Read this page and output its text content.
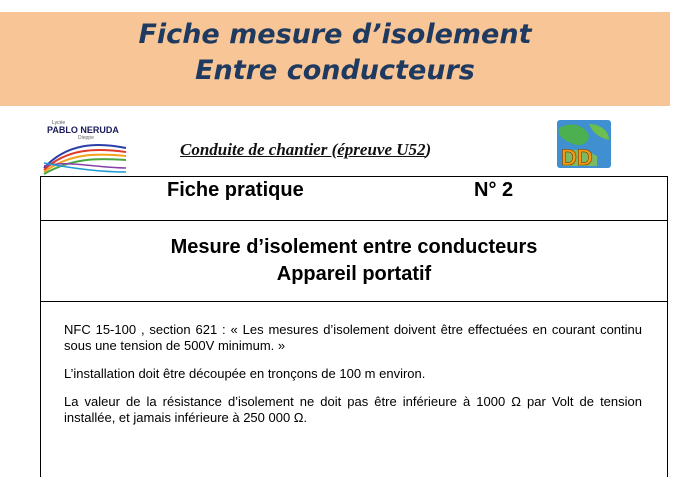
Fiche mesure d’isolement
Entre conducteurs
Lycée
PABLO NERUDA
Dieppe
Conduite de chantier (épreuve U52)	DD
Fiche pratique	N° 2
Mesure d’isolement entre conducteurs
Appareil portatif

NFC 15-100 , section 621 : « Les mesures d’isolement doivent être effectuées en courant continu sous une tension de 500V minimum. »

L’installation doit être découpée en tronçons de 100 m environ.

La valeur de la résistance d’isolement ne doit pas être inférieure à 1000 Ω par Volt de tension installée, et jamais inférieure à 250 000 Ω.
